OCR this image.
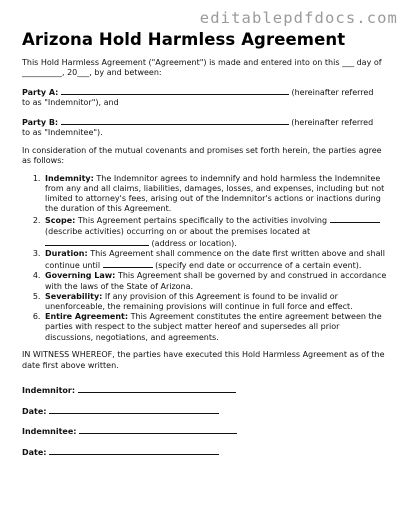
editablepdfdocs.com
Arizona Hold Harmless Agreement

This Hold Harmless Agreement ("Agreement") is made and entered into on this ___ day of
__________, 20___, by and between:

Party A:	(hereinafter referred
to as "Indemnitor"), and

Party B:	(hereinafter referred
to as "Indemnitee").

In consideration of the mutual covenants and promises set forth herein, the parties agree as follows:

1. Indemnity: The Indemnitor agrees to indemnify and hold harmless the Indemnitee from any and all claims, liabilities, damages, losses, and expenses, including but not limited to attorney's fees, arising out of the Indemnitor's actions or inactions during the duration of this Agreement.
2. Scope: This Agreement pertains specifically to the activities involving  (describe activities) occurring on or about the premises located at  (address or location).
3. Duration: This Agreement shall commence on the date first written above and shall continue until	(specify end date or occurrence of a certain event).
4. Governing Law: This Agreement shall be governed by and construed in accordance with the laws of the State of Arizona.
5. Severability: If any provision of this Agreement is found to be invalid or unenforceable, the remaining provisions will continue in full force and effect.
6. Entire Agreement: This Agreement constitutes the entire agreement between the parties with respect to the subject matter hereof and supersedes all prior discussions, negotiations, and agreements.

IN WITNESS WHEREOF, the parties have executed this Hold Harmless Agreement as of the date first above written.

Indemnitor:
Date:
Indemnitee:
Date:
